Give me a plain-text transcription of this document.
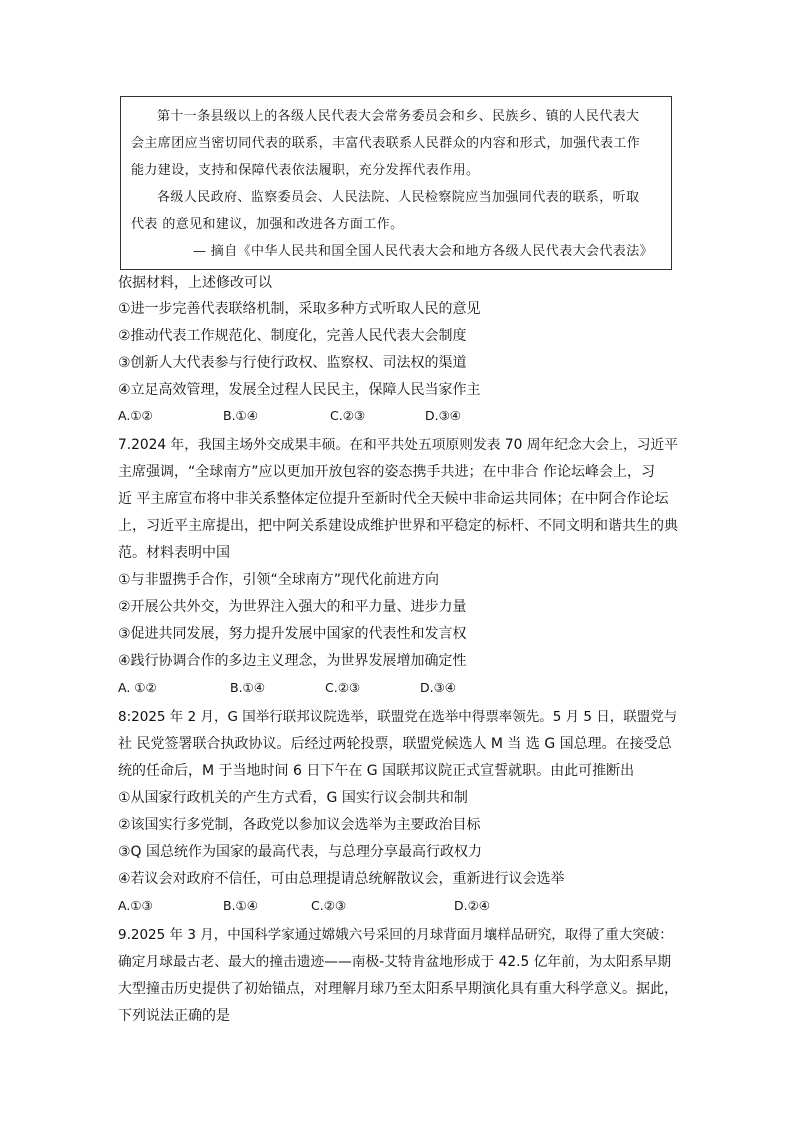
第十一条县级以上的各级人民代表大会常务委员会和乡、民族乡、镇的人民代表大

会主席团应当密切同代表的联系，丰富代表联系人民群众的内容和形式，加强代表工作

能力建设，支持和保障代表依法履职，充分发挥代表作用。

各级人民政府、监察委员会、人民法院、人民检察院应当加强同代表的联系，听取

代表 的意见和建议，加强和改进各方面工作。

— 摘自《中华人民共和国全国人民代表大会和地方各级人民代表大会代表法》

依据材料，上述修改可以
①进一步完善代表联络机制，采取多种方式听取人民的意见
②推动代表工作规范化、制度化，完善人民代表大会制度
③创新人大代表参与行使行政权、监察权、司法权的渠道
④立足高效管理，发展全过程人民民主，保障人民当家作主
A.①②	B.①④	C.②③	D.③④
7.2024 年，我国主场外交成果丰硕。在和平共处五项原则发表 70 周年纪念大会上，习近平
主席强调，“全球南方”应以更加开放包容的姿态携手共进；在中非合 作论坛峰会上，习
近 平主席宣布将中非关系整体定位提升至新时代全天候中非命运共同体；在中阿合作论坛
上，习近平主席提出，把中阿关系建设成维护世界和平稳定的标杆、不同文明和谐共生的典
范。材料表明中国
①与非盟携手合作，引领“全球南方”现代化前进方向
②开展公共外交，为世界注入强大的和平力量、进步力量
③促进共同发展，努力提升发展中国家的代表性和发言权
④践行协调合作的多边主义理念，为世界发展增加确定性
A. ①②	B.①④	C.②③	D.③④
8:2025 年 2 月，G 国举行联邦议院选举，联盟党在选举中得票率领先。5 月 5 日，联盟党与
社 民党签署联合执政协议。后经过两轮投票，联盟党候选人 M 当 选 G 国总理。在接受总
统的任命后，M 于当地时间 6 日下午在 G 国联邦议院正式宣誓就职。由此可推断出
①从国家行政机关的产生方式看，G 国实行议会制共和制
②该国实行多党制，各政党以参加议会选举为主要政治目标
③Q 国总统作为国家的最高代表，与总理分享最高行政权力
④若议会对政府不信任，可由总理提请总统解散议会，重新进行议会选举
A.①③	B.①④	C.②③	D.②④
9.2025 年 3 月，中国科学家通过嫦娥六号采回的月球背面月壤样品研究，取得了重大突破：
确定月球最古老、最大的撞击遗迹——南极-艾特肯盆地形成于 42.5 亿年前，为太阳系早期
大型撞击历史提供了初始锚点，对理解月球乃至太阳系早期演化具有重大科学意义。据此，
下列说法正确的是
